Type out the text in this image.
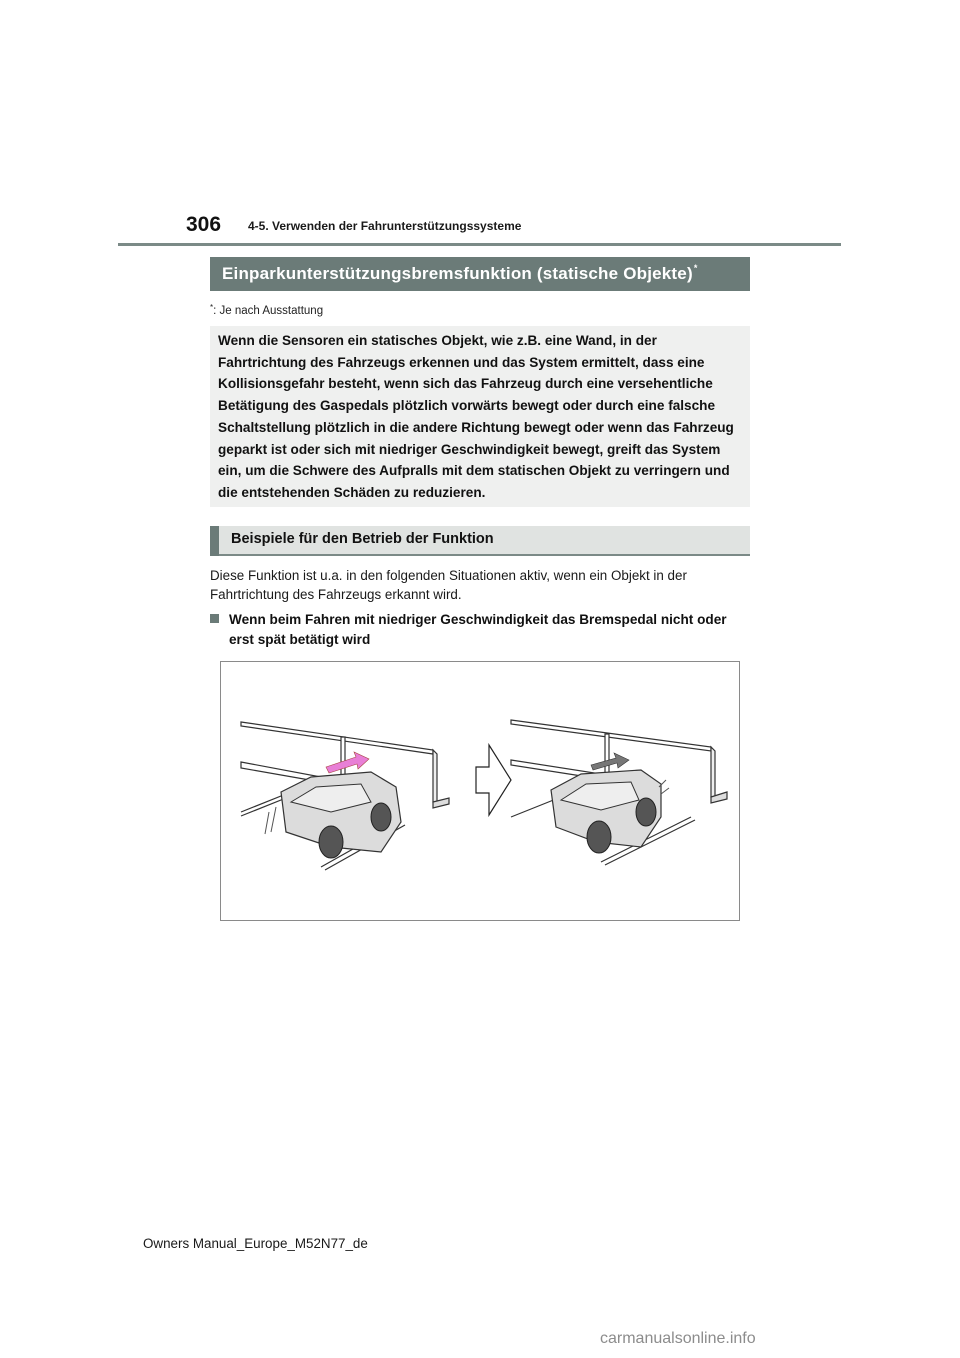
306 4-5. Verwenden der Fahrunterstützungssysteme
Einparkunterstützungsbremsfunktion (statische Objekte)*
*: Je nach Ausstattung
Wenn die Sensoren ein statisches Objekt, wie z.B. eine Wand, in der Fahrtrichtung des Fahrzeugs erkennen und das System ermittelt, dass eine Kollisionsgefahr besteht, wenn sich das Fahrzeug durch eine versehentliche Betätigung des Gaspedals plötzlich vorwärts bewegt oder durch eine falsche Schaltstellung plötzlich in die andere Richtung bewegt oder wenn das Fahrzeug geparkt ist oder sich mit niedriger Geschwindigkeit bewegt, greift das System ein, um die Schwere des Aufpralls mit dem statischen Objekt zu verringern und die entstehenden Schäden zu reduzieren.
Beispiele für den Betrieb der Funktion
Diese Funktion ist u.a. in den folgenden Situationen aktiv, wenn ein Objekt in der Fahrtrichtung des Fahrzeugs erkannt wird.
Wenn beim Fahren mit niedriger Geschwindigkeit das Bremspedal nicht oder erst spät betätigt wird
Owners Manual_Europe_M52N77_de
carmanualsonline.info
